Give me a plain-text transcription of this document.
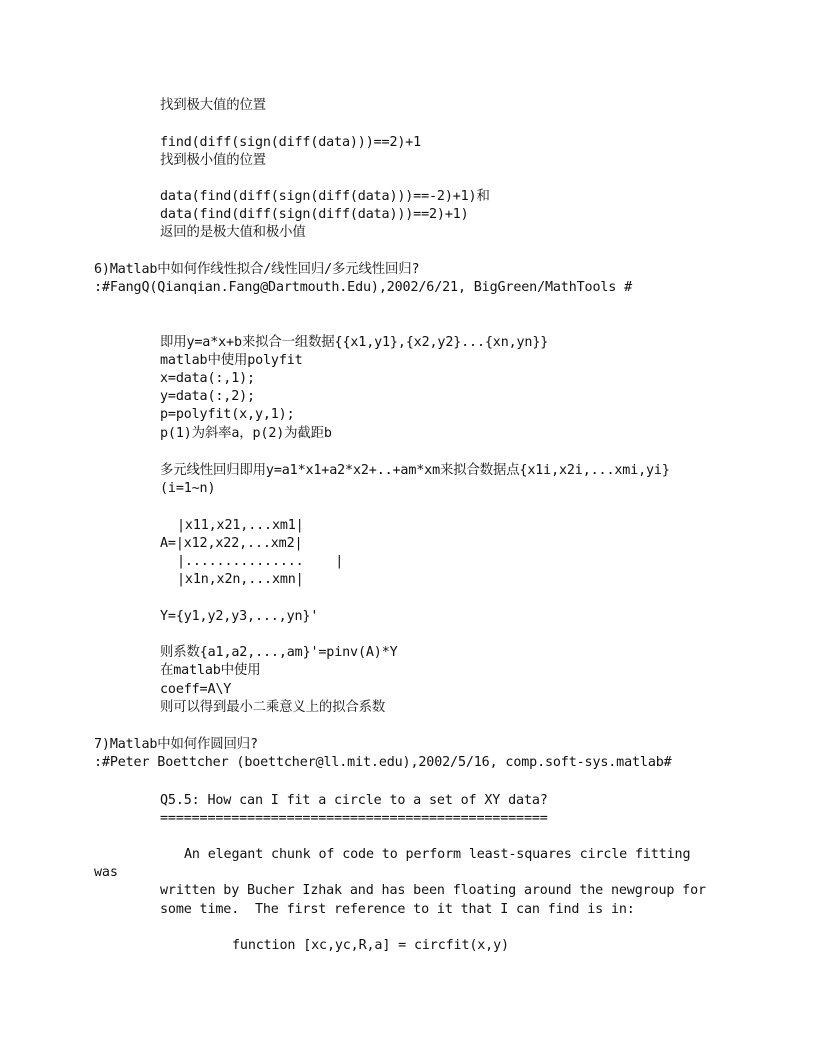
找到极大值的位置
find(diff(sign(diff(data)))==2)+1
找到极小值的位置
data(find(diff(sign(diff(data)))==-2)+1)和
data(find(diff(sign(diff(data)))==2)+1)
返回的是极大值和极小值
6)Matlab中如何作线性拟合/线性回归/多元线性回归?
:#FangQ(Qianqian.Fang@Dartmouth.Edu),2002/6/21, BigGreen/MathTools #
即用y=a*x+b来拟合一组数据{{x1,y1},{x2,y2}...{xn,yn}}
matlab中使用polyfit
x=data(:,1);
y=data(:,2);
p=polyfit(x,y,1);
p(1)为斜率a，p(2)为截距b
多元线性回归即用y=a1*x1+a2*x2+..+am*xm来拟合数据点{x1i,x2i,...xmi,yi}
(i=1~n)
|x11,x21,...xm1|
A=|x12,x22,...xm2|
|...............    |
|x1n,x2n,...xmn|
Y={y1,y2,y3,...,yn}'
则系数{a1,a2,...,am}'=pinv(A)*Y
在matlab中使用
coeff=A\Y
则可以得到最小二乘意义上的拟合系数
7)Matlab中如何作圆回归?
:#Peter Boettcher (boettcher@ll.mit.edu),2002/5/16, comp.soft-sys.matlab#
Q5.5: How can I fit a circle to a set of XY data?
=================================================
An elegant chunk of code to perform least-squares circle fitting
was
written by Bucher Izhak and has been floating around the newgroup for
some time.  The first reference to it that I can find is in:
function [xc,yc,R,a] = circfit(x,y)
